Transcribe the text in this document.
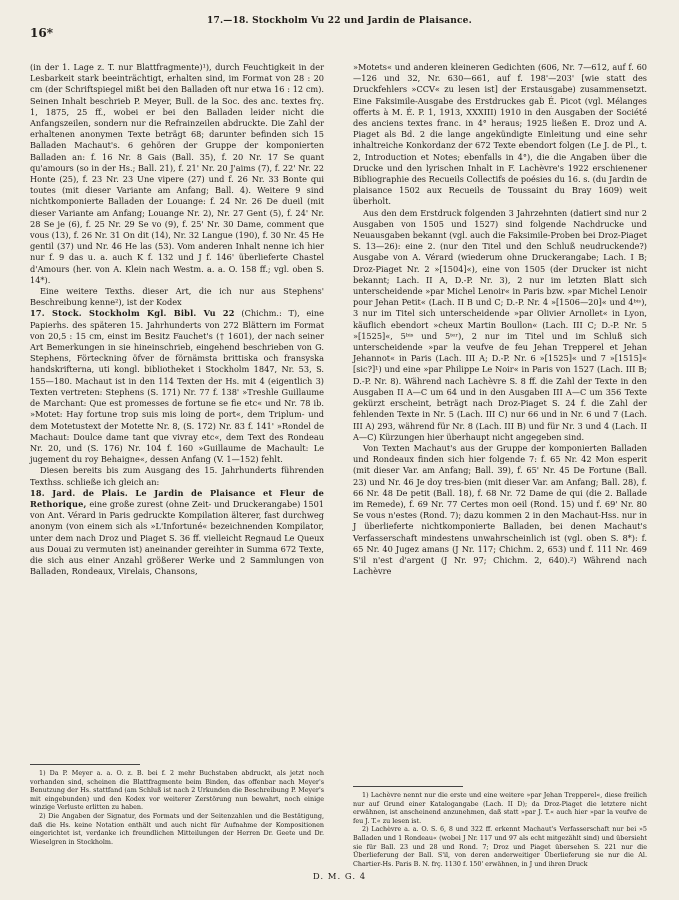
16*
17.—18. Stockholm Vu 22 und Jardin de Plaisance.

(in der 1. Lage z. T. nur Blattfragmente)¹), durch Feuchtigkeit in der Lesbarkeit stark beeinträchtigt, erhalten sind, im Format von 28 : 20 cm (der Schriftspiegel mißt bei den Balladen oft nur etwa 16 : 12 cm). Seinen Inhalt beschrieb P. Meyer, Bull. de la Soc. des anc. textes frç. 1, 1875, 25 ff., wobei er bei den Balladen leider nicht die Anfangszeilen, sondern nur die Refrainzeilen abdruckte. Die Zahl der erhaltenen anonymen Texte beträgt 68; darunter befinden sich 15 Balladen Machaut's. 6 gehören der Gruppe der komponierten Balladen an: f. 16 Nr. 8 Gais (Ball. 35), f. 20 Nr. 17 Se quant qu'amours (so in der Hs.; Ball. 21), f. 21' Nr. 20 J'aims (7), f. 22' Nr. 22 Honte (25), f. 23 Nr. 23 Une vipere (27) und f. 26 Nr. 33 Bonte qui toutes (mit dieser Variante am Anfang; Ball. 4). Weitere 9 sind nichtkomponierte Balladen der Louange: f. 24 Nr. 26 De dueil (mit dieser Variante am Anfang; Louange Nr. 2), Nr. 27 Gent (5), f. 24' Nr. 28 Se je (6), f. 25 Nr. 29 Se vo (9), f. 25' Nr. 30 Dame, comment que vous (13), f. 26 Nr. 31 On dit (14), Nr. 32 Langue (190), f. 30 Nr. 45 He gentil (37) und Nr. 46 He las (53). Vom anderen Inhalt nenne ich hier nur f. 9 das u. a. auch K f. 132 und J f. 146' überlieferte Chastel d'Amours (her. von A. Klein nach Westm. a. a. O. 158 ff.; vgl. oben S. 14*).

Eine weitere Texths. dieser Art, die ich nur aus Stephens' Beschreibung kenne²), ist der Kodex

17. Stock. Stockholm Kgl. Bibl. Vu 22 (Chichm.: T), eine Papierhs. des späteren 15. Jahrhunderts von 272 Blättern im Format von 20,5 : 15 cm, einst im Besitz Fauchet's († 1601), der nach seiner Art Bemerkungen in sie hineinschrieb, eingehend beschrieben von G. Stephens, Förteckning öfver de förnämsta brittiska och fransyska handskrifterna, uti kongl. bibliotheket i Stockholm 1847, Nr. 53, S. 155—180. Machaut ist in den 114 Texten der Hs. mit 4 (eigentlich 3) Texten vertreten: Stephens (S. 171) Nr. 77 f. 138' »Treshle Guillaume de Marchant: Que est promesses de fortune se fie etc« und Nr. 78 ib. »Motet: Hay fortune trop suis mis loing de port«, dem Triplum- und dem Motetustext der Motette Nr. 8, (S. 172) Nr. 83 f. 141' »Rondel de Machaut: Doulce dame tant que vivray etc«, dem Text des Rondeau Nr. 20, und (S. 176) Nr. 104 f. 160 »Guillaume de Machault: Le jugement du roy Behaigne«, dessen Anfang (V. 1—152) fehlt.

Diesen bereits bis zum Ausgang des 15. Jahrhunderts führenden Texthss. schließe ich gleich an:

18. Jard. de Plais. Le Jardin de Plaisance et Fleur de Rethorique, eine große zurest (ohne Zeit- und Druckerangabe) 1501 von Ant. Vérard in Paris gedruckte Kompilation älterer, fast durchweg anonym (von einem sich als »L'Infortuné« bezeichnenden Kompilator, unter dem nach Droz und Piaget S. 36 ff. vielleicht Regnaud Le Queux aus Douai zu vermuten ist) aneinander gereihter in Summa 672 Texte, die sich aus einer Anzahl größerer Werke und 2 Sammlungen von Balladen, Rondeaux, Virelais, Chansons,

»Motets« und anderen kleineren Gedichten (606, Nr. 7—612, auf f. 60—126 und 32, Nr. 630—661, auf f. 198'—203' [wie statt des Druckfehlers »CCV« zu lesen ist] der Erstausgabe) zusammensetzt. Eine Faksimile-Ausgabe des Erstdruckes gab É. Picot (vgl. Mélanges offerts à M. É. P. 1, 1913, XXXIII) 1910 in den Ausgaben der Société des anciens textes franc. in 4° heraus; 1925 ließen E. Droz und A. Piaget als Bd. 2 die lange angekündigte Einleitung und eine sehr inhaltreiche Konkordanz der 672 Texte ebendort folgen (Le J. de Pl., t. 2, Introduction et Notes; ebenfalls in 4°), die die Angaben über die Drucke und den lyrischen Inhalt in F. Lachèvre's 1922 erschienener Bibliographie des Recueils Collectifs de poésies du 16. s. (du Jardin de plaisance 1502 aux Recueils de Toussaint du Bray 1609) weit überholt.

Aus den dem Erstdruck folgenden 3 Jahrzehnten (datiert sind nur 2 Ausgaben von 1505 und 1527) sind folgende Nachdrucke und Neuausgaben bekannt (vgl. auch die Faksimile-Proben bei Droz-Piaget S. 13—26): eine 2. (nur den Titel und den Schluß neudruckende?) Ausgabe von A. Vérard (wiederum ohne Druckerangabe; Lach. I B; Droz-Piaget Nr. 2 »[1504]«), eine von 1505 (der Drucker ist nicht bekannt; Lach. II A, D.-P. Nr. 3), 2 nur im letzten Blatt sich unterscheidende »par Michel Lenoir« in Paris bzw. »par Michel Lenoir pour Jehan Petit« (Lach. II B und C; D.-P. Nr. 4 »[1506—20]« und 4ᵇⁱˢ), 3 nur im Titel sich unterscheidende »par Olivier Arnollet« in Lyon, käuflich ebendort »cheux Martin Boullon« (Lach. III C; D.-P. Nr. 5 »[1525]«, 5ᵇⁱˢ und 5ᵗᵉʳ), 2 nur im Titel und im Schluß sich unterscheidende »par la veufve de feu Jehan Trepperel et Jehan Jehannot« in Paris (Lach. III A; D.-P. Nr. 6 »[1525]« und 7 »[1515]« [sic?]¹) und eine »par Philippe Le Noir« in Paris von 1527 (Lach. III B; D.-P. Nr. 8). Während nach Lachèvre S. 8 ff. die Zahl der Texte in den Ausgaben II A—C um 64 und in den Ausgaben III A—C um 356 Texte gekürzt erscheint, beträgt nach Droz-Piaget S. 24 f. die Zahl der fehlenden Texte in Nr. 5 (Lach. III C) nur 66 und in Nr. 6 und 7 (Lach. III A) 293, während für Nr. 8 (Lach. III B) und für Nr. 3 und 4 (Lach. II A—C) Kürzungen hier überhaupt nicht angegeben sind.

Von Texten Machaut's aus der Gruppe der komponierten Balladen und Rondeaux finden sich hier folgende 7: f. 65 Nr. 42 Mon esperit (mit dieser Var. am Anfang; Ball. 39), f. 65' Nr. 45 De Fortune (Ball. 23) und Nr. 46 Je doy tres-bien (mit dieser Var. am Anfang; Ball. 28), f. 66 Nr. 48 De petit (Ball. 18), f. 68 Nr. 72 Dame de qui (die 2. Ballade im Remede), f. 69 Nr. 77 Certes mon oeil (Rond. 15) und f. 69' Nr. 80 Se vous n'estes (Rond. 7); dazu kommen 2 in den Machaut-Hss. nur in J überlieferte nichtkomponierte Balladen, bei denen Machaut's Verfasserschaft mindestens unwahrscheinlich ist (vgl. oben S. 8*): f. 65 Nr. 40 Jugez amans (J Nr. 117; Chichm. 2, 653) und f. 111 Nr. 469 S'il n'est d'argent (J Nr. 97; Chichm. 2, 640).²) Während nach Lachèvre

1) Da P. Meyer a. a. O. z. B. bei f. 2 mehr Buchstaben abdruckt, als jetzt noch vorhanden sind, scheinen die Blattfragmente beim Binden, das offenbar nach Meyer's Benutzung der Hs. stattfand (am Schluß ist nach 2 Urkunden die Beschreibung P. Meyer's mit eingebunden) und den Kodex vor weiterer Zerstörung nun bewahrt, noch einige winzige Verluste erlitten zu haben.

2) Die Angaben der Signatur, des Formats und der Seitenzahlen und die Bestätigung, daß die Hs. keine Notation enthält und auch nicht für Aufnahme der Kompositionen eingerichtet ist, verdanke ich freundlichen Mitteilungen der Herren Dr. Geete und Dr. Wieselgren in Stockholm.

1) Lachèvre nennt nur die erste und eine weitere »par Jehan Trepperel«, diese freilich nur auf Grund einer Katalogangabe (Lach. II D); da Droz-Piaget die letztere nicht erwähnen, ist anscheinend anzunehmen, daß statt »par J. T.« auch hier »par la veufve de feu J. T.« zu lesen ist.

2) Lachèvre a. a. O. S. 6, 8 und 322 ff. erkennt Machaut's Verfasserschaft nur bei »5 Balladen und 1 Rondeau« (wobei J Nr. 117 und 97 als echt mitgezählt sind) und übersieht sie für Ball. 23 und 28 und Rond. 7; Droz und Piaget übersehen S. 221 nur die Überlieferung der Ball. S'il, von deren anderweitiger Überlieferung sie nur die Al. Chartier-Hs. Paris B. N. frç. 1130 f. 150' erwähnen, in J und ihren Druck

D. M. G. 4
